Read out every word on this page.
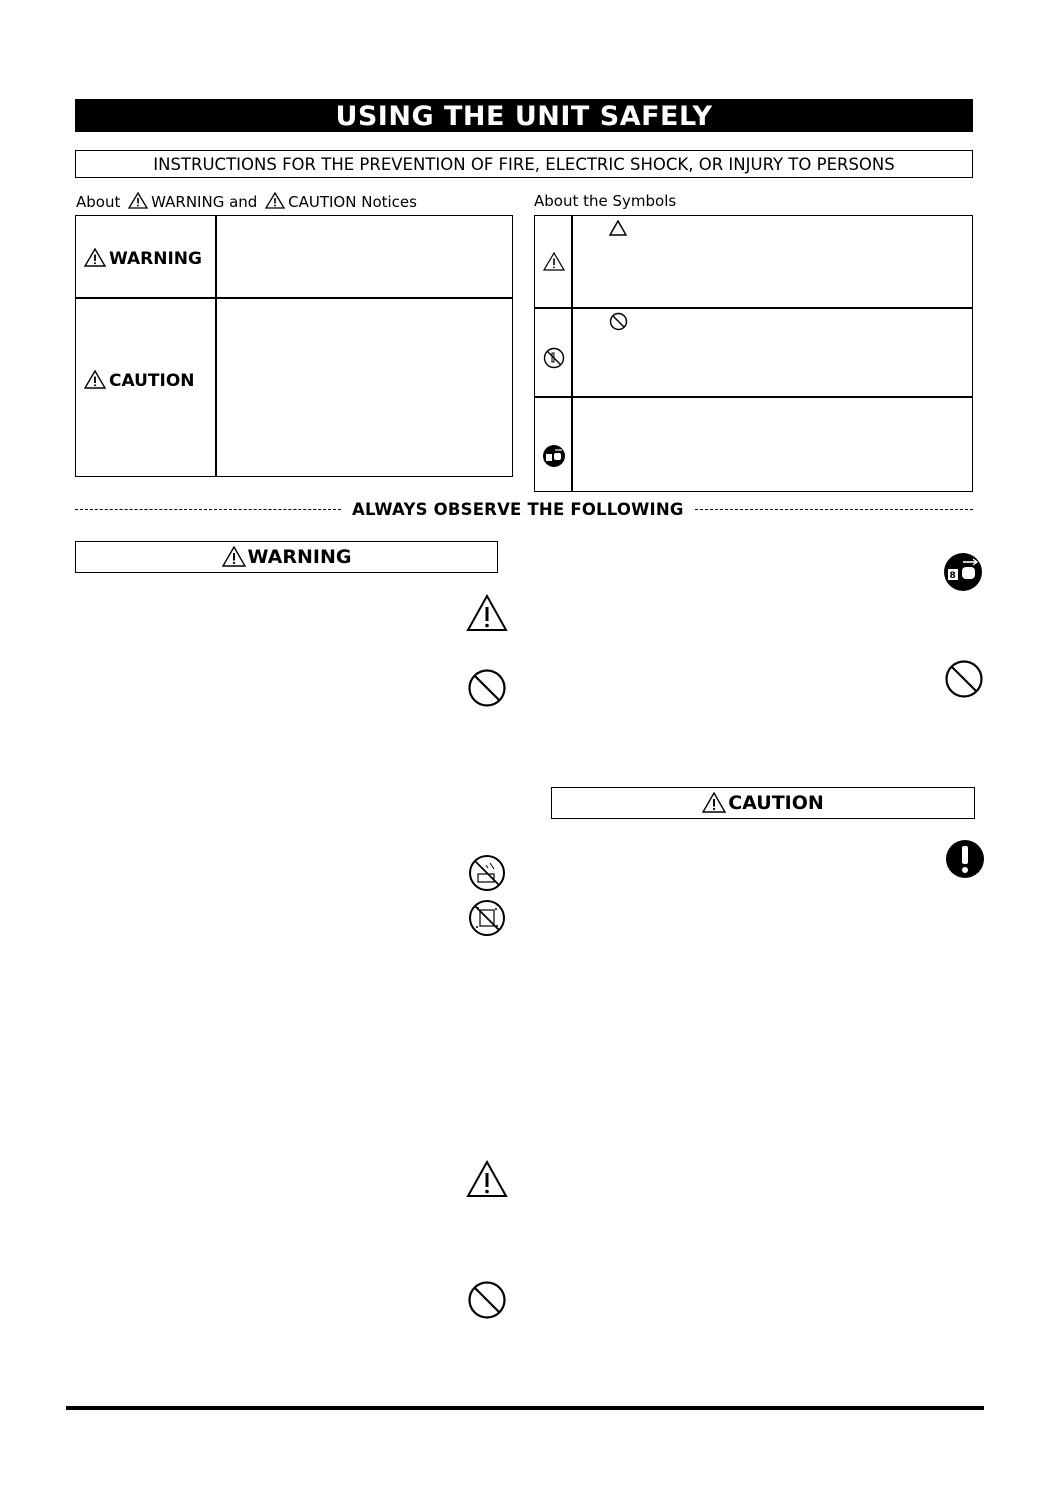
USING THE UNIT SAFELY
INSTRUCTIONS FOR THE PREVENTION OF FIRE, ELECTRIC SHOCK, OR INJURY TO PERSONS
About WARNING and CAUTION Notices	About the Symbols
WARNING
CAUTION
ALWAYS OBSERVE THE FOLLOWING
WARNING
CAUTION
8
